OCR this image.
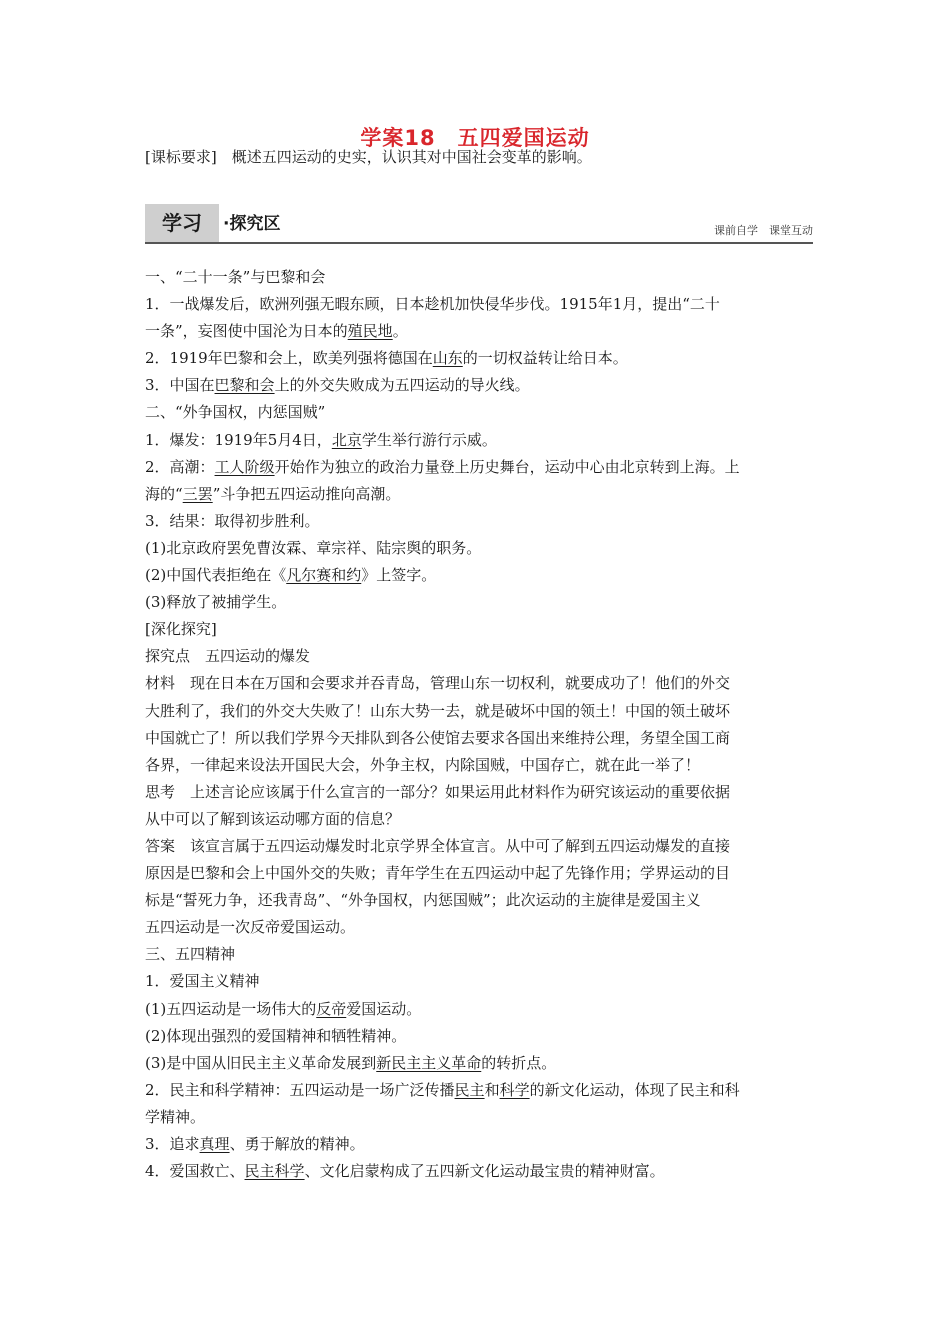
学案18　五四爱国运动
[课标要求]　概述五四运动的史实，认识其对中国社会变革的影响。
学习	·探究区	课前自学　课堂互动
一、“二十一条”与巴黎和会
1．一战爆发后，欧洲列强无暇东顾，日本趁机加快侵华步伐。1915年1月，提出“二十
一条”，妄图使中国沦为日本的殖民地。
2．1919年巴黎和会上，欧美列强将德国在山东的一切权益转让给日本。
3．中国在巴黎和会上的外交失败成为五四运动的导火线。
二、“外争国权，内惩国贼”
1．爆发：1919年5月4日，北京学生举行游行示威。
2．高潮：工人阶级开始作为独立的政治力量登上历史舞台，运动中心由北京转到上海。上
海的“三罢”斗争把五四运动推向高潮。
3．结果：取得初步胜利。
(1)北京政府罢免曹汝霖、章宗祥、陆宗舆的职务。
(2)中国代表拒绝在《凡尔赛和约》上签字。
(3)释放了被捕学生。
[深化探究]
探究点　五四运动的爆发
材料　现在日本在万国和会要求并吞青岛，管理山东一切权利，就要成功了！他们的外交
大胜利了，我们的外交大失败了！山东大势一去，就是破坏中国的领土！中国的领土破坏
中国就亡了！所以我们学界今天排队到各公使馆去要求各国出来维持公理，务望全国工商
各界，一律起来设法开国民大会，外争主权，内除国贼，中国存亡，就在此一举了！
思考　上述言论应该属于什么宣言的一部分？如果运用此材料作为研究该运动的重要依据
从中可以了解到该运动哪方面的信息？
答案　该宣言属于五四运动爆发时北京学界全体宣言。从中可了解到五四运动爆发的直接
原因是巴黎和会上中国外交的失败；青年学生在五四运动中起了先锋作用；学界运动的目
标是“誓死力争，还我青岛”、“外争国权，内惩国贼”；此次运动的主旋律是爱国主义
五四运动是一次反帝爱国运动。
三、五四精神
1．爱国主义精神
(1)五四运动是一场伟大的反帝爱国运动。
(2)体现出强烈的爱国精神和牺牲精神。
(3)是中国从旧民主主义革命发展到新民主主义革命的转折点。
2．民主和科学精神：五四运动是一场广泛传播民主和科学的新文化运动，体现了民主和科
学精神。
3．追求真理、勇于解放的精神。
4．爱国救亡、民主科学、文化启蒙构成了五四新文化运动最宝贵的精神财富。
